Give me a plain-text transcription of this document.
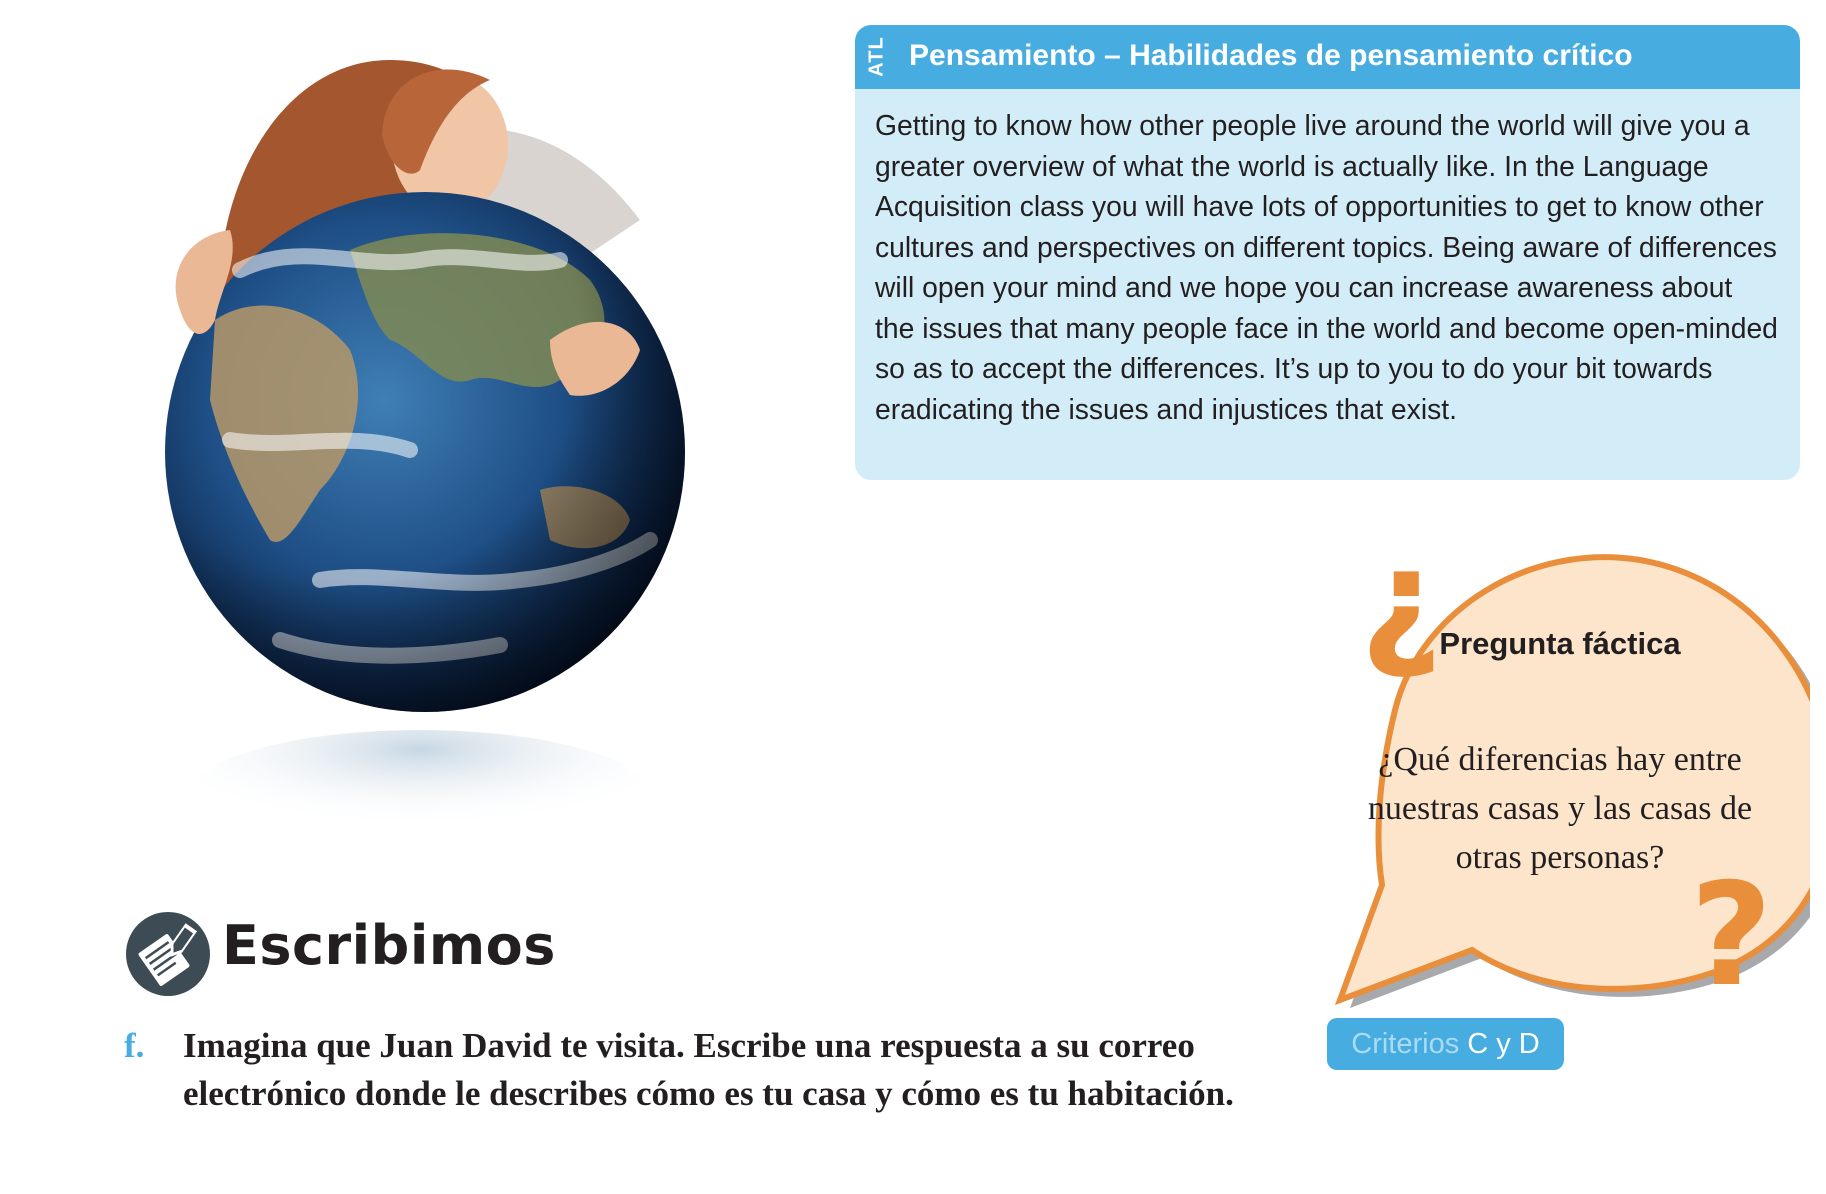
ATL Pensamiento – Habilidades de pensamiento crítico
Getting to know how other people live around the world will give you a greater overview of what the world is actually like. In the Language Acquisition class you will have lots of opportunities to get to know other cultures and perspectives on different topics. Being aware of differences will open your mind and we hope you can increase awareness about the issues that many people face in the world and become open-minded so as to accept the differences. It’s up to you to do your bit towards eradicating the issues and injustices that exist.
¿
Pregunta fáctica
¿Qué diferencias hay entre nuestras casas y las casas de otras personas? ?
Criterios C y D
Escribimos
f. Imagina que Juan David te visita. Escribe una respuesta a su correo electrónico donde le describes cómo es tu casa y cómo es tu habitación.
